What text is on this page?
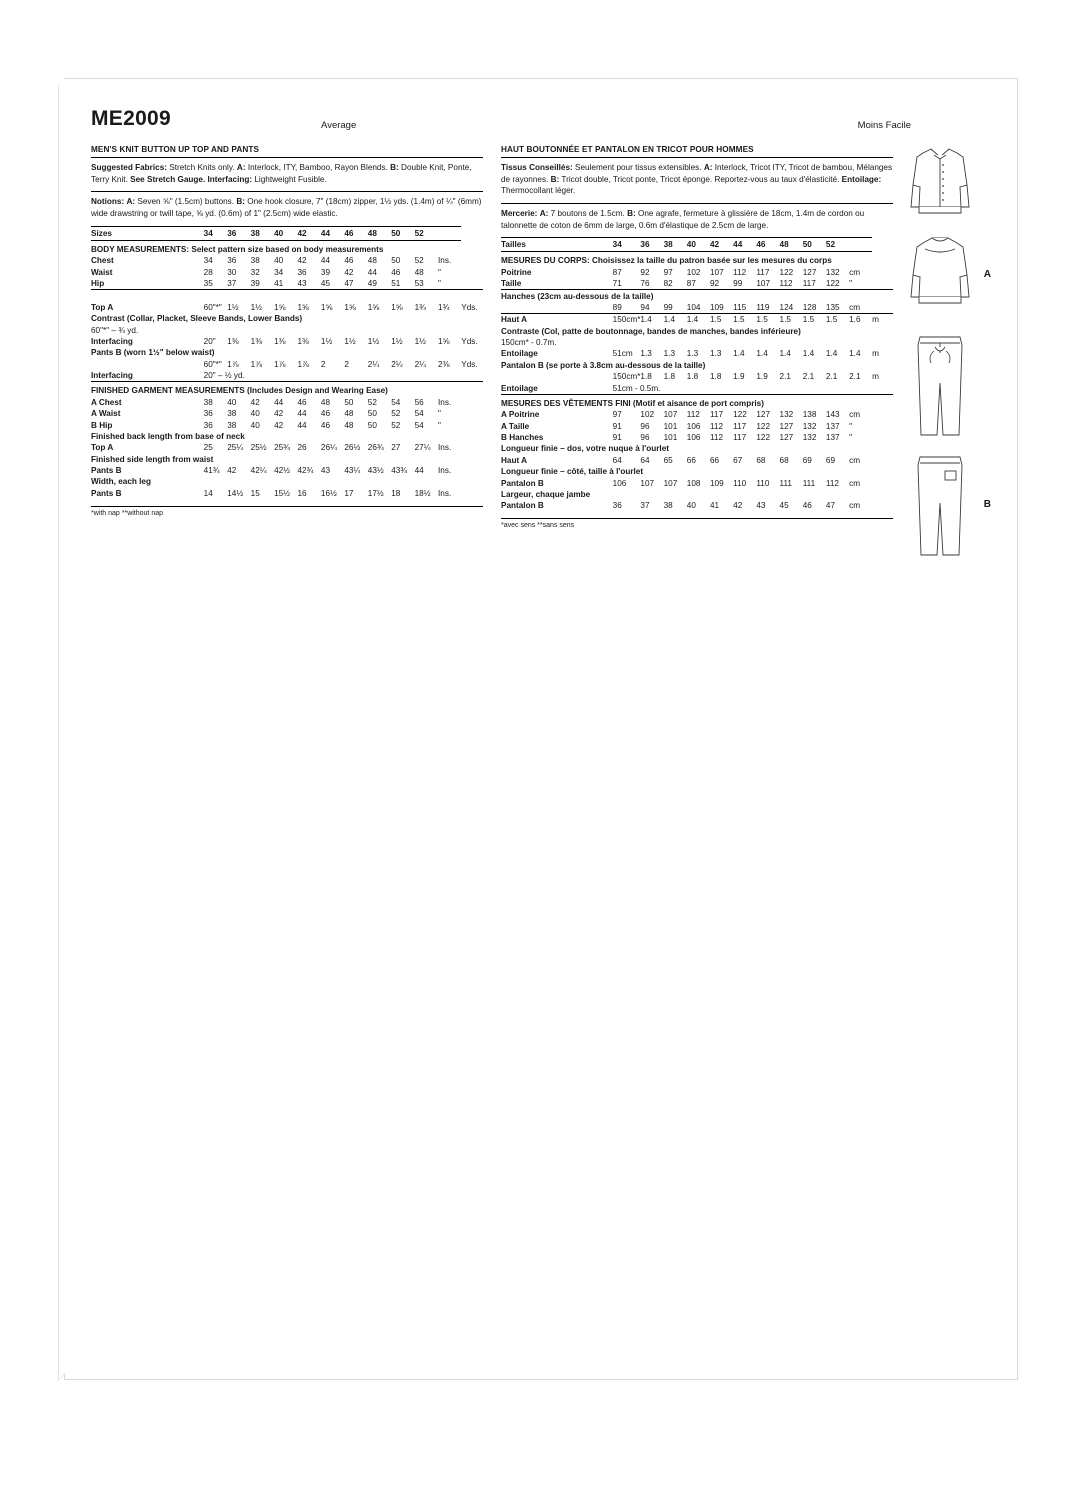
ME2009	Average	Moins Facile
MEN'S KNIT BUTTON UP TOP AND PANTS
Suggested Fabrics: Stretch Knits only. A: Interlock, ITY, Bamboo, Rayon Blends. B: Double Knit, Ponte, Terry Knit. See Stretch Gauge. Interfacing: Lightweight Fusible.
Notions: A: Seven ⅝" (1.5cm) buttons. B: One hook closure, 7" (18cm) zipper, 1½ yds. (1.4m) of ¼" (6mm) wide drawstring or twill tape, ⅝ yd. (0.6m) of 1" (2.5cm) wide elastic.
Sizes	34	36	38	40	42	44	46	48	50	52		
BODY MEASUREMENTS: Select pattern size based on body measurements												
Chest	34	36	38	40	42	44	46	48	50	52	Ins.	
Waist	28	30	32	34	36	39	42	44	46	48	"	
Hip	35	37	39	41	43	45	47	49	51	53	"	

Top A	60"*"	1½	1½	1⅝	1⅝	1⅝	1⅝	1⅝	1⅝	1¾	1¾	Yds.
Contrast (Collar, Placket, Sleeve Bands, Lower Bands)												
60"*" – ¾ yd.												
Interfacing	20"	1⅜	1⅜	1⅜	1⅜	1½	1½	1½	1½	1½	1⅝	Yds.
Pants B (worn 1½" below waist)												
	60"*"	1⅞	1⅞	1⅞	1⅞	2	2	2¼	2¼	2¼	2⅜	Yds.
Interfacing	20" – ½ yd.											
FINISHED GARMENT MEASUREMENTS (Includes Design and Wearing Ease)												
A Chest	38	40	42	44	46	48	50	52	54	56	Ins.	
A Waist	36	38	40	42	44	46	48	50	52	54	"	
B Hip	36	38	40	42	44	46	48	50	52	54	"	
Finished back length from base of neck												
Top A	25	25¼	25½	25¾	26	26¼	26½	26¾	27	27¼	Ins.	
Finished side length from waist												
Pants B	41¾	42	42¼	42½	42¾	43	43¼	43½	43¾	44	Ins.	
Width, each leg												
Pants B	14	14½	15	15½	16	16½	17	17½	18	18½	Ins.	
*with nap **without nap
HAUT BOUTONNÉE ET PANTALON EN TRICOT POUR HOMMES
Tissus Conseillés: Seulement pour tissus extensibles. A: Interlock, Tricot ITY, Tricot de bambou, Mélanges de rayonnes. B: Tricot double, Tricot ponte, Tricot éponge. Reportez-vous au taux d'élasticité. Entoilage: Thermocollant léger.
Mercerie: A: 7 boutons de 1.5cm. B: One agrafe, fermeture à glissière de 18cm, 1.4m de cordon ou talonnette de coton de 6mm de large, 0.6m d'élastique de 2.5cm de large.
Tailles	34	36	38	40	42	44	46	48	50	52		
MESURES DU CORPS: Choisissez la taille du patron basée sur les mesures du corps												
Poitrine	87	92	97	102	107	112	117	122	127	132	cm	
Taille	71	76	82	87	92	99	107	112	117	122	"	
Hanches (23cm au-dessous de la taille)												
	89	94	99	104	109	115	119	124	128	135	cm	
Haut A	150cm*	1.4	1.4	1.4	1.5	1.5	1.5	1.5	1.5	1.5	1.6	m
Contraste (Col, patte de boutonnage, bandes de manches, bandes inférieure)												
150cm* - 0.7m.												
Entoilage	51cm	1.3	1.3	1.3	1.3	1.4	1.4	1.4	1.4	1.4	1.4	m
Pantalon B (se porte à 3.8cm au-dessous de la taille)												
	150cm*	1.8	1.8	1.8	1.8	1.9	1.9	2.1	2.1	2.1	2.1	m
Entoilage	51cm - 0.5m.											
MESURES DES VÊTEMENTS FINI (Motif et aisance de port compris)												
A Poitrine	97	102	107	112	117	122	127	132	138	143	cm	
A Taille	91	96	101	106	112	117	122	127	132	137	"	
B Hanches	91	96	101	106	112	117	122	127	132	137	"	
Longueur finie – dos, votre nuque à l'ourlet												
Haut A	64	64	65	66	66	67	68	68	69	69	cm	
Longueur finie – côté, taille à l'ourlet												
Pantalon B	106	107	107	108	109	110	110	111	111	112	cm	
Largeur, chaque jambe												
Pantalon B	36	37	38	40	41	42	43	45	46	47	cm	
*avec sens **sans sens
A
B
